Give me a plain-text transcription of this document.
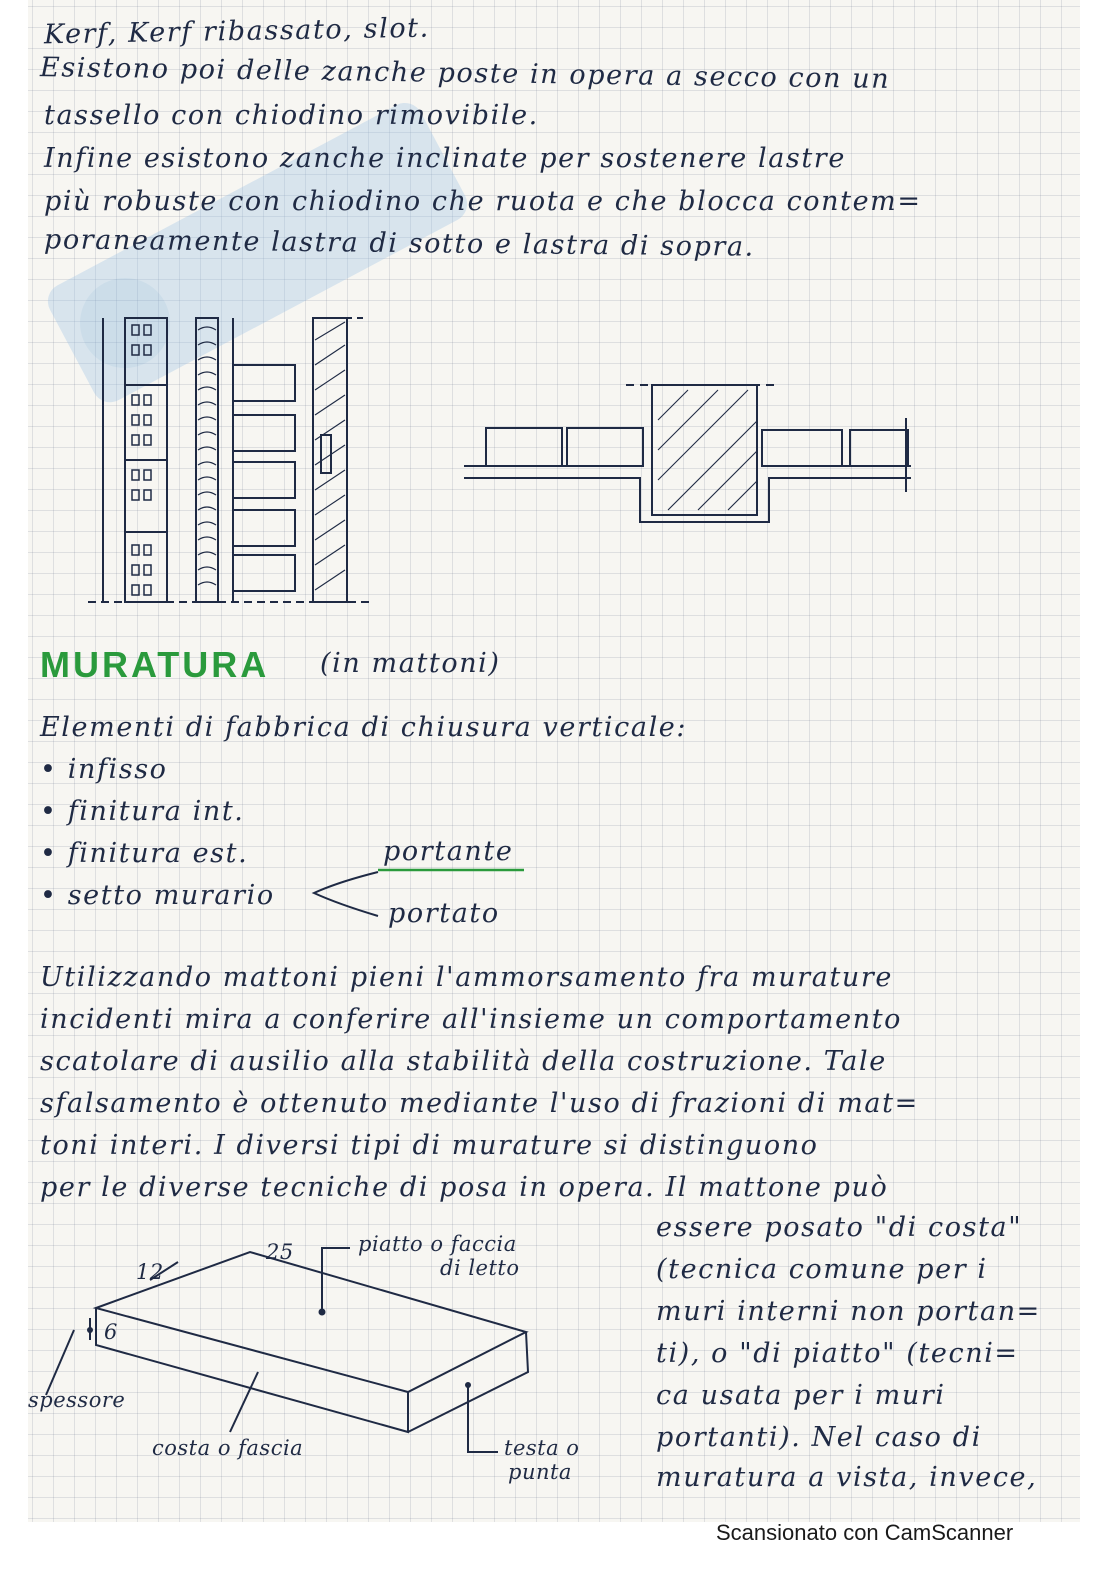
Kerf, Kerf ribassato, slot.
Esistono poi delle zanche poste in opera a secco con un
tassello con chiodino rimovibile.
Infine esistono zanche inclinate per sostenere lastre
più robuste con chiodino che ruota e che blocca contem=
poraneamente lastra di sotto e lastra di sopra.
MURATURA (in mattoni)
Elementi di fabbrica di chiusura verticale:
• infisso
• finitura int.
• finitura est.
• setto murario
portante
portato
Utilizzando mattoni pieni l'ammorsamento fra murature
incidenti mira a conferire all'insieme un comportamento
scatolare di ausilio alla stabilità della costruzione. Tale
sfalsamento è ottenuto mediante l'uso di frazioni di mat=
toni interi. I diversi tipi di murature si distinguono
per le diverse tecniche di posa in opera. Il mattone può
essere posato "di costa"
(tecnica comune per i
muri interni non portan=
ti), o "di piatto" (tecni=
ca usata per i muri
portanti). Nel caso di
muratura a vista, invece,
25
12
6
piatto o faccia
di letto
spessore
costa o fascia	testa o
punta
Scansionato con CamScanner
